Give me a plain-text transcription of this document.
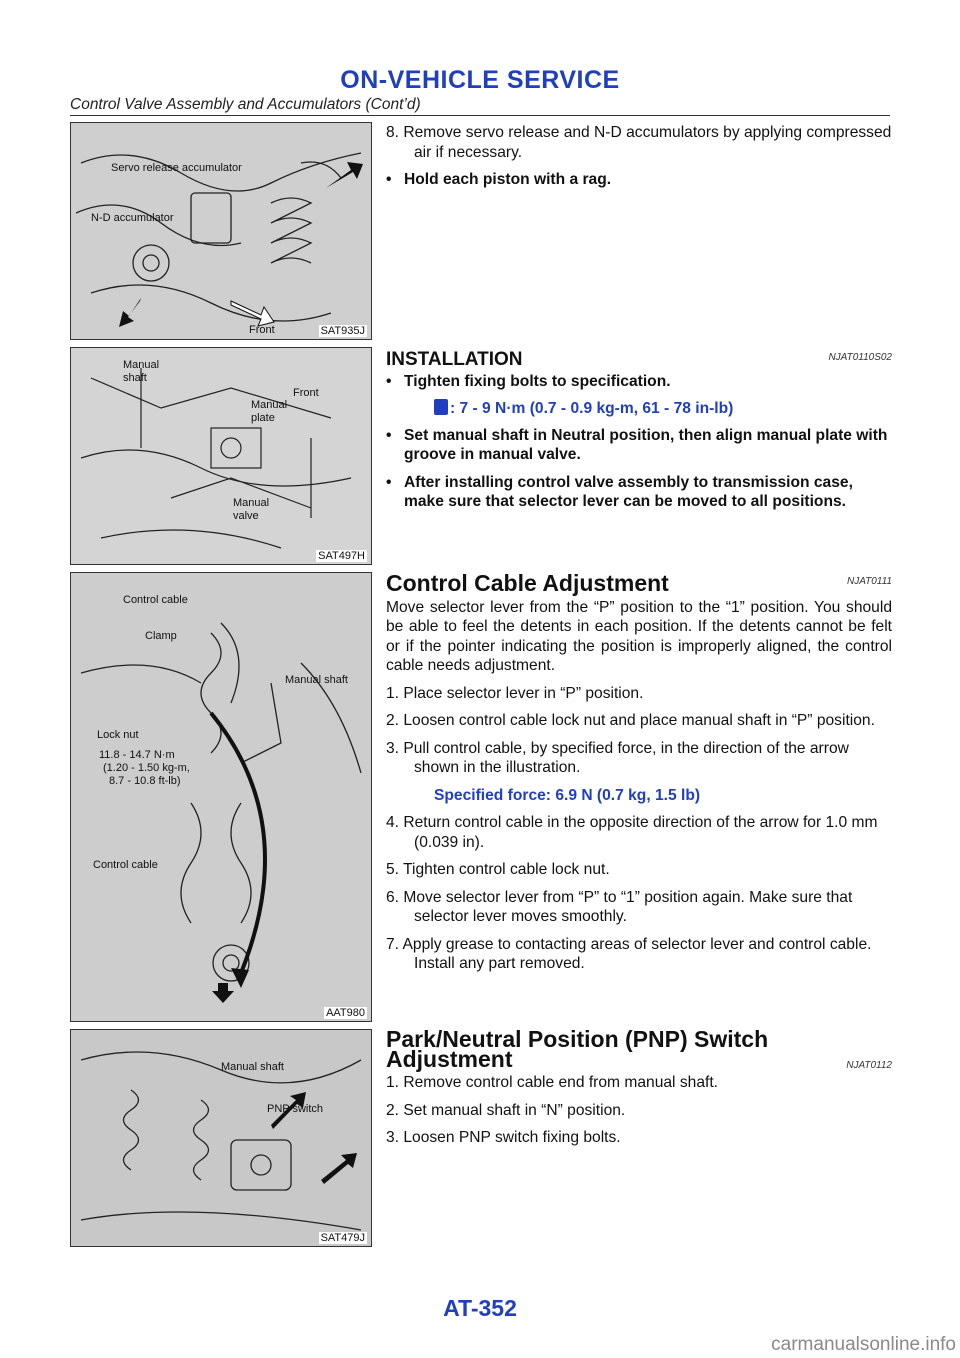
ON-VEHICLE SERVICE
Control Valve Assembly and Accumulators (Cont’d)
Servo release accumulator
N-D accumulator
Front	SAT935J
Manual
shaft
Front
Manual
plate
Manual
valve
SAT497H
Control cable
Clamp
Manual shaft
Lock nut
11.8 - 14.7 N·m
(1.20 - 1.50 kg-m,
8.7 - 10.8 ft-lb)
Control cable
AAT980
Manual shaft
PNP switch
SAT479J

8. Remove servo release and N-D accumulators by applying compressed air if necessary.

• Hold each piston with a rag.

INSTALLATION	NJAT0110S02

• Tighten fixing bolts to specification.

: 7 - 9 N·m (0.7 - 0.9 kg-m, 61 - 78 in-lb)

• Set manual shaft in Neutral position, then align manual plate with groove in manual valve.

• After installing control valve assembly to transmission case, make sure that selector lever can be moved to all positions.

Control Cable Adjustment	NJAT0111

Move selector lever from the “P” position to the “1” position. You should be able to feel the detents in each position. If the detents cannot be felt or if the pointer indicating the position is improperly aligned, the control cable needs adjustment.

1. Place selector lever in “P” position.

2. Loosen control cable lock nut and place manual shaft in “P” position.

3. Pull control cable, by specified force, in the direction of the arrow shown in the illustration.

Specified force: 6.9 N (0.7 kg, 1.5 lb)

4. Return control cable in the opposite direction of the arrow for 1.0 mm (0.039 in).

5. Tighten control cable lock nut.

6. Move selector lever from “P” to “1” position again. Make sure that selector lever moves smoothly.

7. Apply grease to contacting areas of selector lever and control cable. Install any part removed.

Park/Neutral Position (PNP) Switch Adjustment	NJAT0112

1. Remove control cable end from manual shaft.

2. Set manual shaft in “N” position.

3. Loosen PNP switch fixing bolts.

AT-352
carmanualsonline.info
